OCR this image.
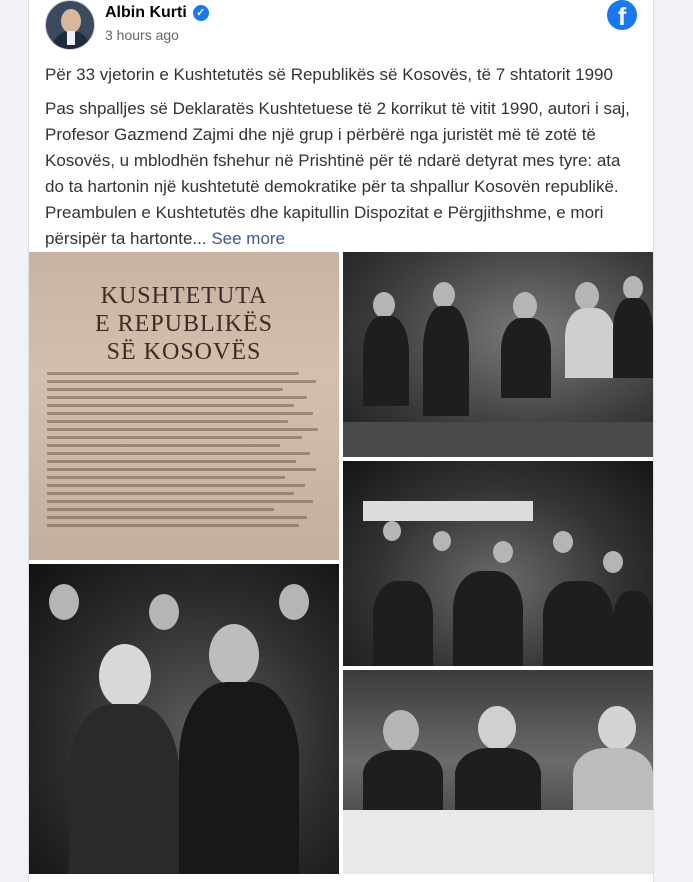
Albin Kurti ✓
3 hours ago
f

Për 33 vjetorin e Kushtetutës së Republikës së Kosovës, të 7 shtatorit 1990

Pas shpalljes së Deklaratës Kushtetuese të 2 korrikut të vitit 1990, autori i saj, Profesor Gazmend Zajmi dhe një grup i përbërë nga juristët më të zotë të Kosovës, u mblodhën fshehur në Prishtinë për të ndarë detyrat mes tyre: ata do ta hartonin një kushtetutë demokratike për ta shpallur Kosovën republikë. Preambulen e Kushtetutës dhe kapitullin Dispozitat e Përgjithshme, e mori përsipër ta hartonte... See more

KUSHTETUTA
E REPUBLIKËS
SË KOSOVËS
